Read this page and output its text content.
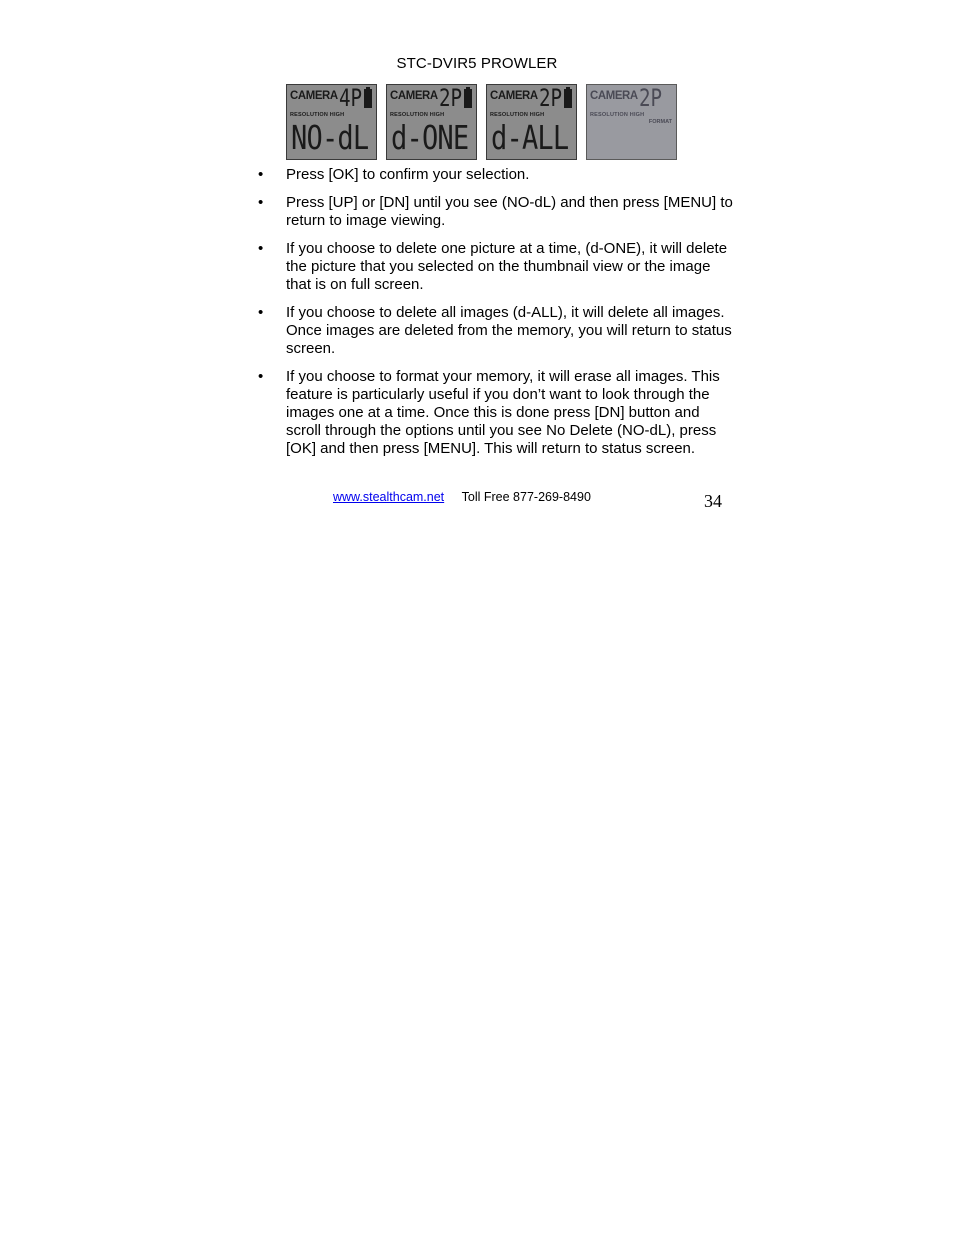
STC-DVIR5 PROWLER
CAMERA 4P
RESOLUTION HIGH
NO-dL
CAMERA 2P
RESOLUTION HIGH
d-ONE
CAMERA 2P
RESOLUTION HIGH
d-ALL
CAMERA 2P
RESOLUTION HIGH
FORMAT
• Press [OK] to confirm your selection.
• Press [UP] or [DN] until you see (NO-dL) and then press [MENU] to return to image viewing.
• If you choose to delete one picture at a time, (d-ONE), it will delete the picture that you selected on the thumbnail view or the image that is on full screen.
• If you choose to delete all images (d-ALL), it will delete all images. Once images are deleted from the memory, you will return to status screen.
• If you choose to format your memory, it will erase all images. This feature is particularly useful if you don’t want to look through the images one at a time. Once this is done press [DN] button and scroll through the options until you see No Delete (NO-dL), press [OK] and then press [MENU]. This will return to status screen.
www.stealthcam.net Toll Free 877-269-8490	34
